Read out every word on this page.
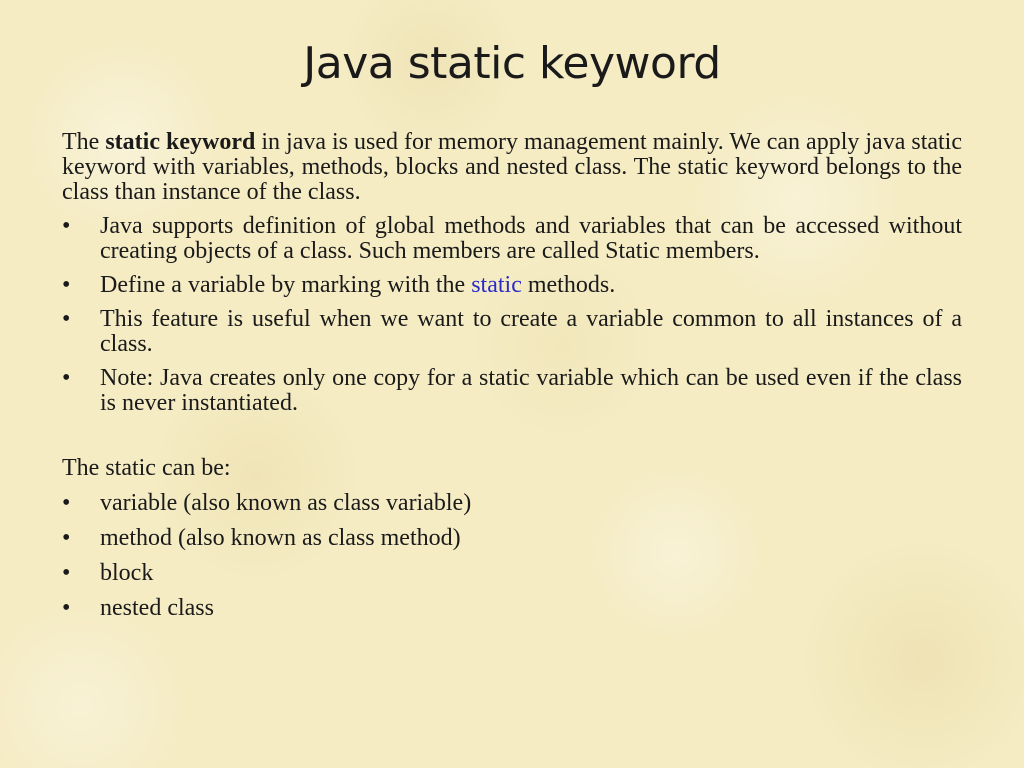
Java static keyword

The static keyword in java is used for memory management mainly. We can apply java static keyword with variables, methods, blocks and nested class. The static keyword belongs to the class than instance of the class.

•	Java supports definition of global methods and variables that can be accessed without creating objects of a class. Such members are called Static members.
•	Define a variable by marking with the static methods.
•	This feature is useful when we want to create a variable common to all instances of a class.
•	Note: Java creates only one copy for a static variable which can be used even if the class is never instantiated.

The static can be:

•	variable (also known as class variable)
•	method (also known as class method)
•	block
•	nested class
